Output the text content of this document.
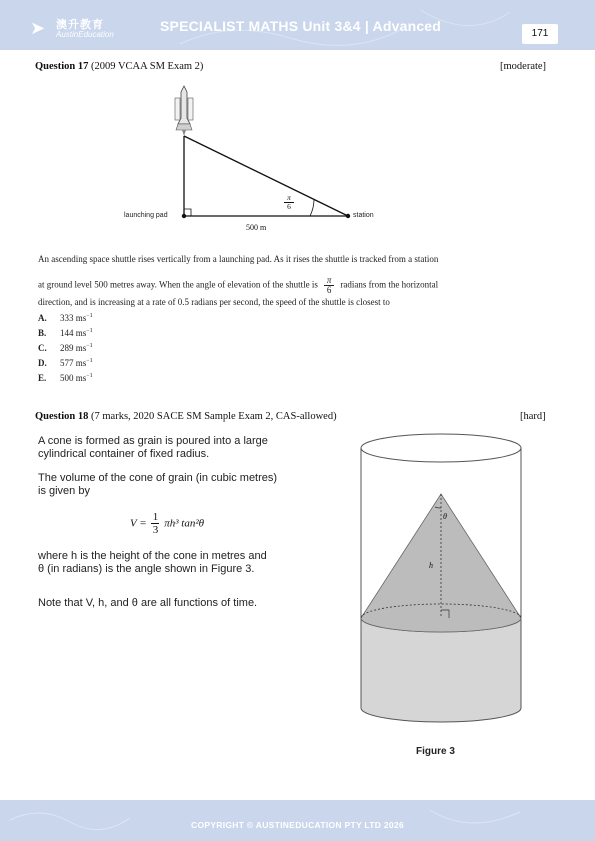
➤ 澳升教育
AustinEducation
SPECIALIST MATHS Unit 3&4 | Advanced	171
Question 17 (2009 VCAA SM Exam 2)	[moderate]
launching pad	station
500 m
$\frac{\pi}{6}$
An ascending space shuttle rises vertically from a launching pad. As it rises the shuttle is tracked from a station
at ground level 500 metres away. When the angle of elevation of the shuttle is $\frac{\pi}{6}$ radians from the horizontal
direction, and is increasing at a rate of 0.5 radians per second, the speed of the shuttle is closest to
A. 333 $ms^{-1}$
B. 144 $ms^{-1}$
C. 289 $ms^{-1}$
D. 577 $ms^{-1}$
E. 500 $ms^{-1}$
Question 18 (7 marks, 2020 SACE SM Sample Exam 2, CAS-allowed)	[hard]
A cone is formed as grain is poured into a large
cylindrical container of fixed radius.
The volume of the cone of grain (in cubic metres)
is given by
$V = \frac{1}{3} \pi h^3$ tan²θ
where h is the height of the cone in metres and
θ (in radians) is the angle shown in Figure 3.
Note that V, h, and θ are all functions of time.
θ
h
Figure 3
COPYRIGHT © AUSTINEDUCATION PTY LTD 2026
